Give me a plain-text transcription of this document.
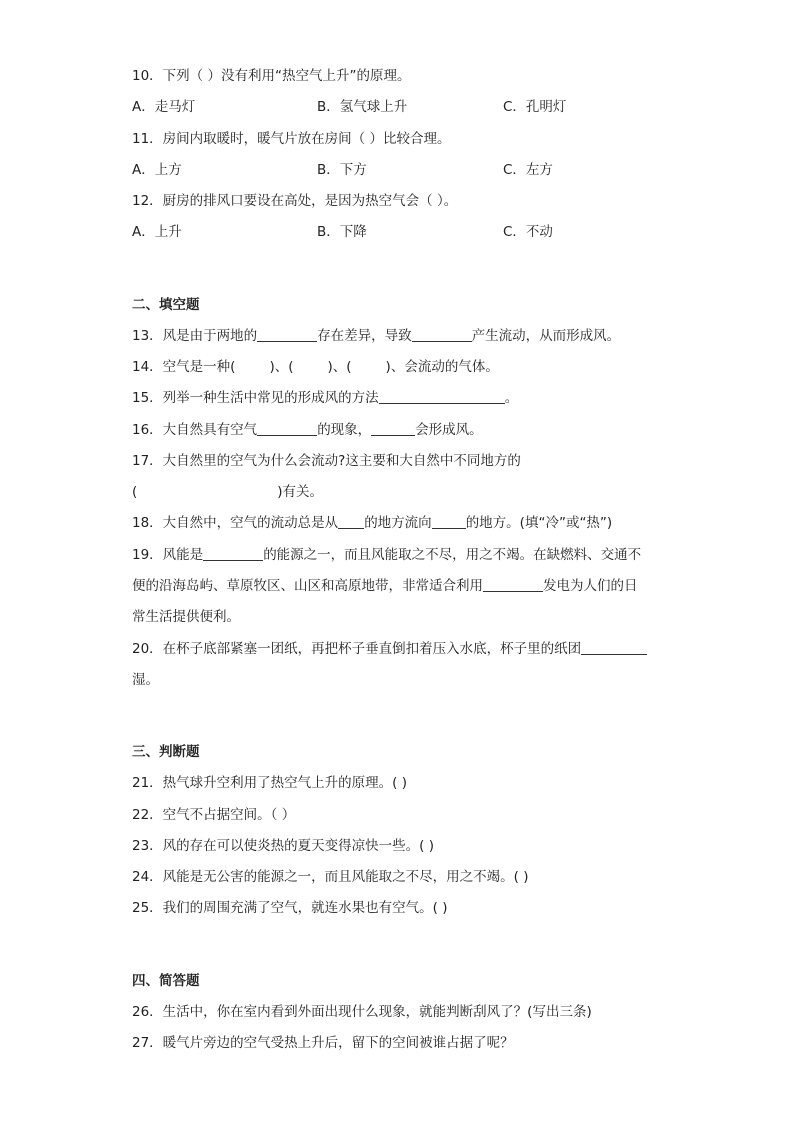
10．下列（ ）没有利用“热空气上升”的原理。
A．走马灯	B．氢气球上升	C．孔明灯
11．房间内取暖时，暖气片放在房间（ ）比较合理。
A．上方	B．下方	C．左方
12．厨房的排风口要设在高处，是因为热空气会（ ）。
A．上升	B．下降	C．不动
二、填空题
13．风是由于两地的	存在差异，导致	产生流动，从而形成风。
14．空气是一种(	)、(	)、(	)、会流动的气体。
15．列举一种生活中常见的形成风的方法	。
16．大自然具有空气	的现象，	会形成风。
17．大自然里的空气为什么会流动?这主要和大自然中不同地方的
(	)有关。
18．大自然中，空气的流动总是从 的地方流向	的地方。(填“冷”或“热”)
19．风能是	的能源之一，而且风能取之不尽，用之不竭。在缺燃料、交通不
便的沿海岛屿、草原牧区、山区和高原地带，非常适合利用	发电为人们的日
常生活提供便利。
20．在杯子底部紧塞一团纸，再把杯子垂直倒扣着压入水底，杯子里的纸团
湿。
三、判断题
21．热气球升空利用了热空气上升的原理。( )
22．空气不占据空间。（ ）
23．风的存在可以使炎热的夏天变得凉快一些。( )
24．风能是无公害的能源之一，而且风能取之不尽，用之不竭。( )
25．我们的周围充满了空气，就连水果也有空气。( )
四、简答题
26．生活中，你在室内看到外面出现什么现象，就能判断刮风了？(写出三条)
27．暖气片旁边的空气受热上升后，留下的空间被谁占据了呢？
